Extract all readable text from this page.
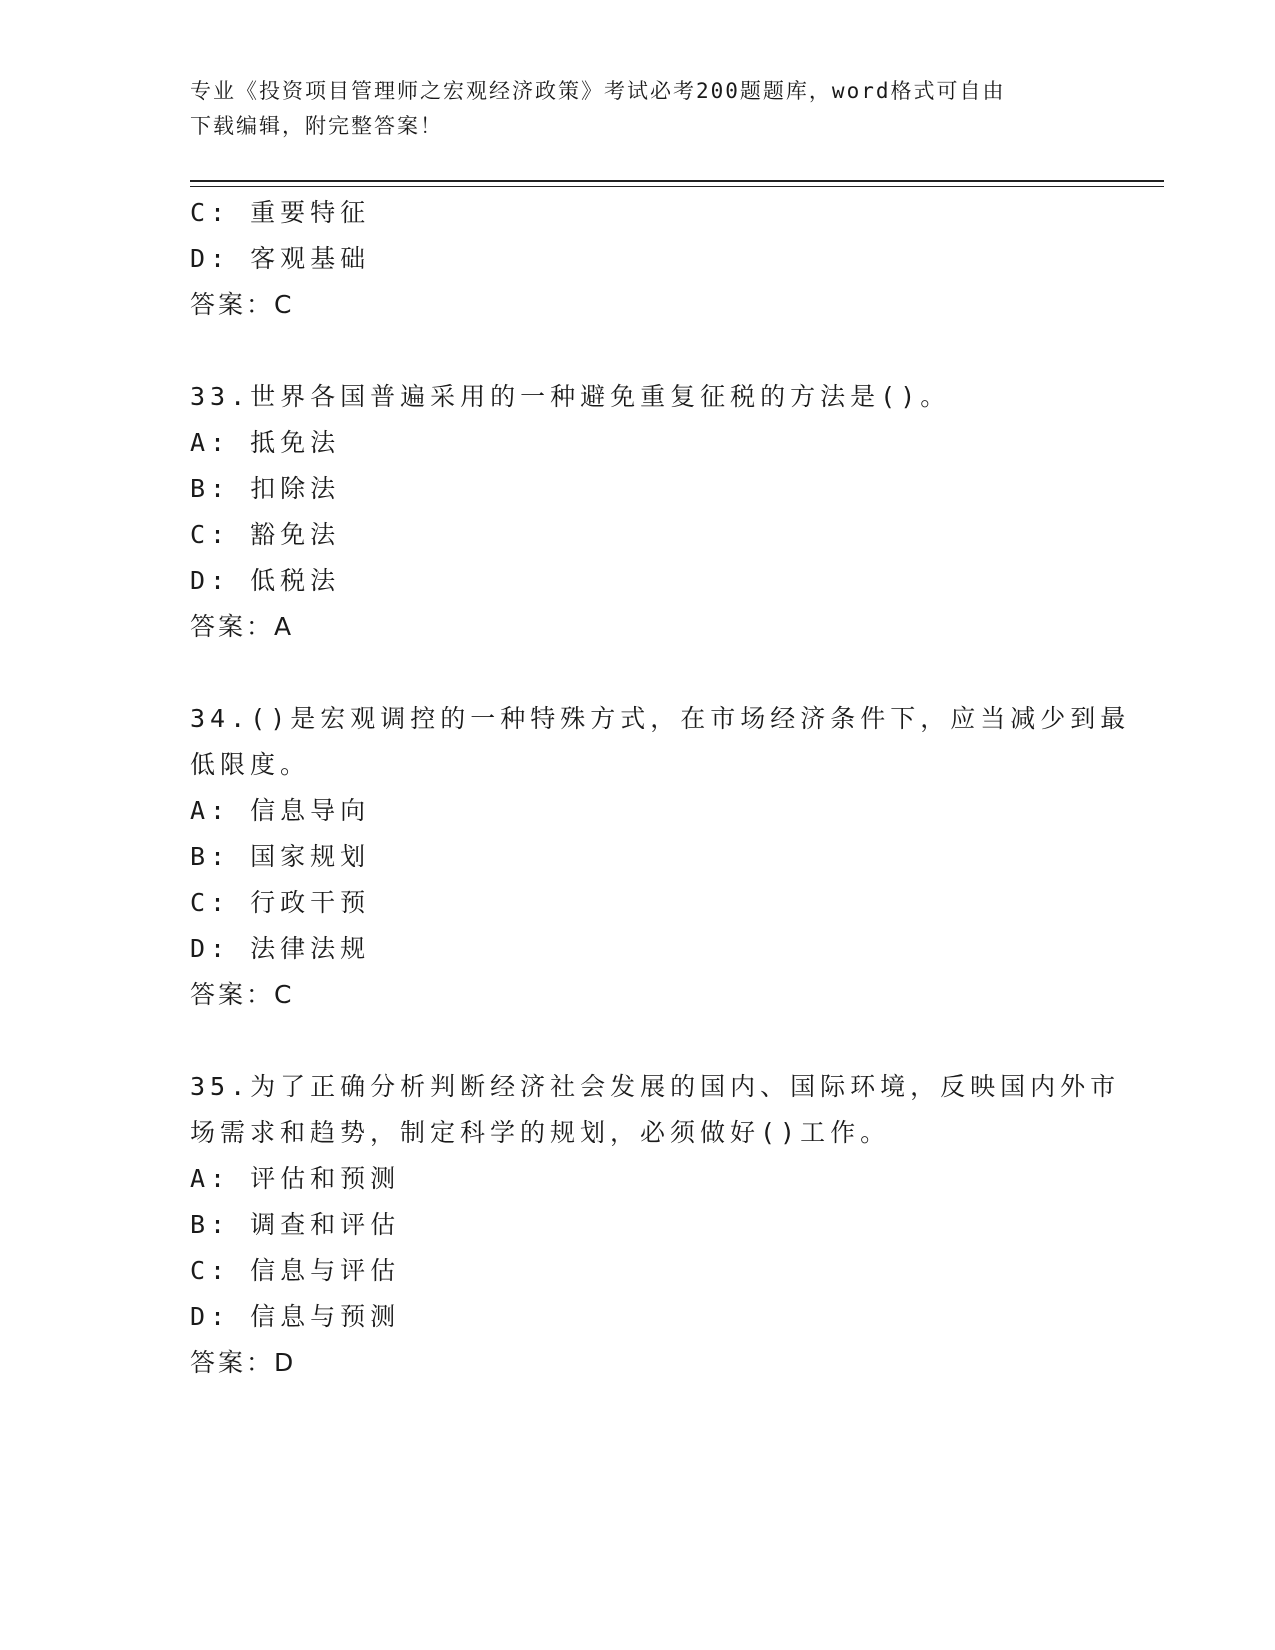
专业《投资项目管理师之宏观经济政策》考试必考200题题库，word格式可自由
下载编辑，附完整答案！
C: 重要特征
D: 客观基础
答案：C
33.世界各国普遍采用的一种避免重复征税的方法是()。
A: 抵免法
B: 扣除法
C: 豁免法
D: 低税法
答案：A
34.()是宏观调控的一种特殊方式，在市场经济条件下，应当减少到最
低限度。
A: 信息导向
B: 国家规划
C: 行政干预
D: 法律法规
答案：C
35.为了正确分析判断经济社会发展的国内、国际环境，反映国内外市
场需求和趋势，制定科学的规划，必须做好()工作。
A: 评估和预测
B: 调查和评估
C: 信息与评估
D: 信息与预测
答案：D
